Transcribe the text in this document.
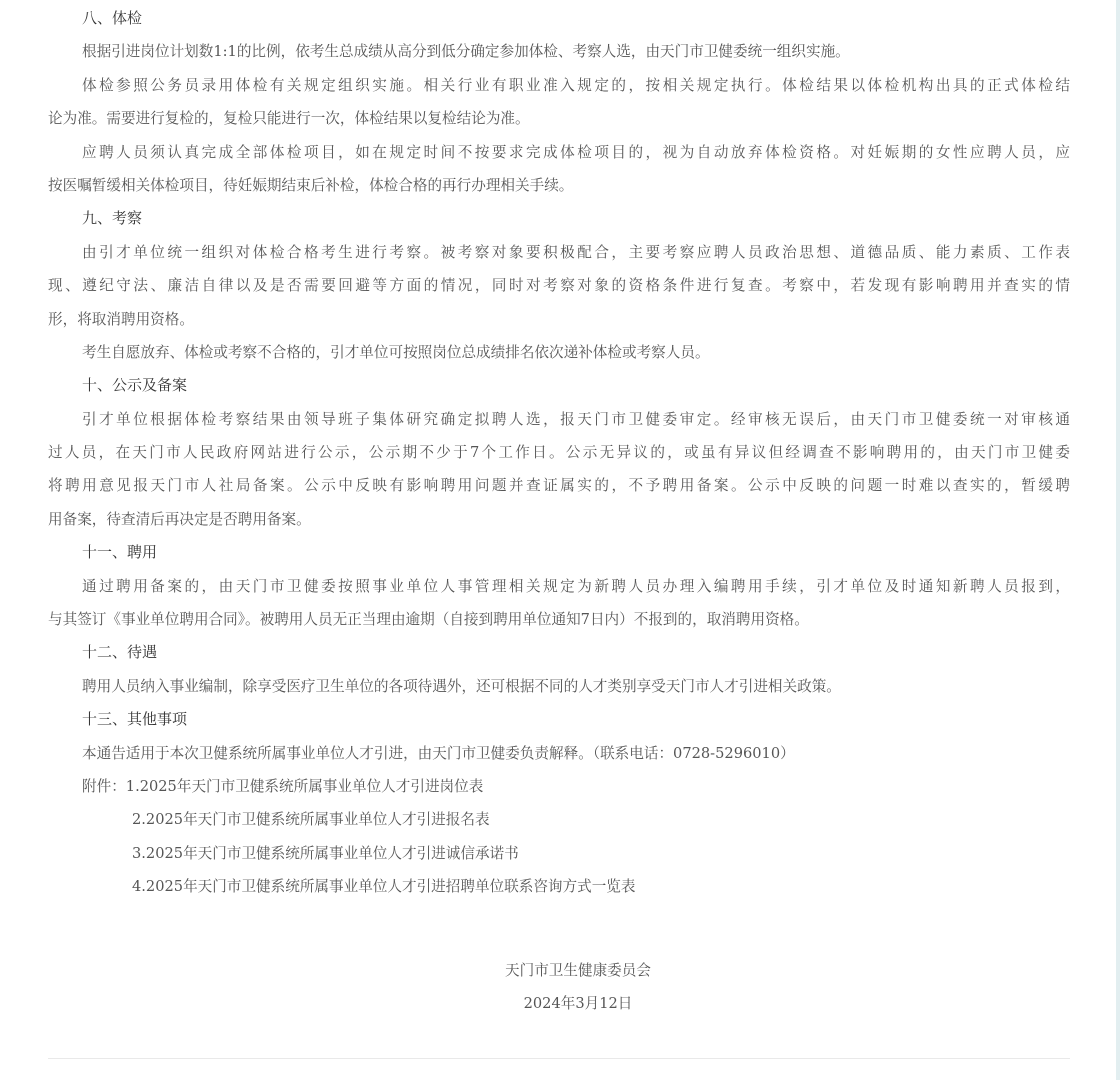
八、体检
根据引进岗位计划数1:1的比例，依考生总成绩从高分到低分确定参加体检、考察人选，由天门市卫健委统一组织实施。
体检参照公务员录用体检有关规定组织实施。相关行业有职业准入规定的，按相关规定执行。体检结果以体检机构出具的正式体检结
论为准。需要进行复检的，复检只能进行一次，体检结果以复检结论为准。
应聘人员须认真完成全部体检项目，如在规定时间不按要求完成体检项目的，视为自动放弃体检资格。对妊娠期的女性应聘人员，应
按医嘱暂缓相关体检项目，待妊娠期结束后补检，体检合格的再行办理相关手续。
九、考察
由引才单位统一组织对体检合格考生进行考察。被考察对象要积极配合，主要考察应聘人员政治思想、道德品质、能力素质、工作表
现、遵纪守法、廉洁自律以及是否需要回避等方面的情况，同时对考察对象的资格条件进行复查。考察中，若发现有影响聘用并查实的情
形，将取消聘用资格。
考生自愿放弃、体检或考察不合格的，引才单位可按照岗位总成绩排名依次递补体检或考察人员。
十、公示及备案
引才单位根据体检考察结果由领导班子集体研究确定拟聘人选，报天门市卫健委审定。经审核无误后，由天门市卫健委统一对审核通
过人员，在天门市人民政府网站进行公示，公示期不少于7个工作日。公示无异议的，或虽有异议但经调查不影响聘用的，由天门市卫健委
将聘用意见报天门市人社局备案。公示中反映有影响聘用问题并查证属实的，不予聘用备案。公示中反映的问题一时难以查实的，暂缓聘
用备案，待查清后再决定是否聘用备案。
十一、聘用
通过聘用备案的，由天门市卫健委按照事业单位人事管理相关规定为新聘人员办理入编聘用手续，引才单位及时通知新聘人员报到，
与其签订《事业单位聘用合同》。被聘用人员无正当理由逾期（自接到聘用单位通知7日内）不报到的，取消聘用资格。
十二、待遇
聘用人员纳入事业编制，除享受医疗卫生单位的各项待遇外，还可根据不同的人才类别享受天门市人才引进相关政策。
十三、其他事项
本通告适用于本次卫健系统所属事业单位人才引进，由天门市卫健委负责解释。（联系电话：0728-5296010）
附件：1.2025年天门市卫健系统所属事业单位人才引进岗位表
2.2025年天门市卫健系统所属事业单位人才引进报名表
3.2025年天门市卫健系统所属事业单位人才引进诚信承诺书
4.2025年天门市卫健系统所属事业单位人才引进招聘单位联系咨询方式一览表
天门市卫生健康委员会
2024年3月12日
